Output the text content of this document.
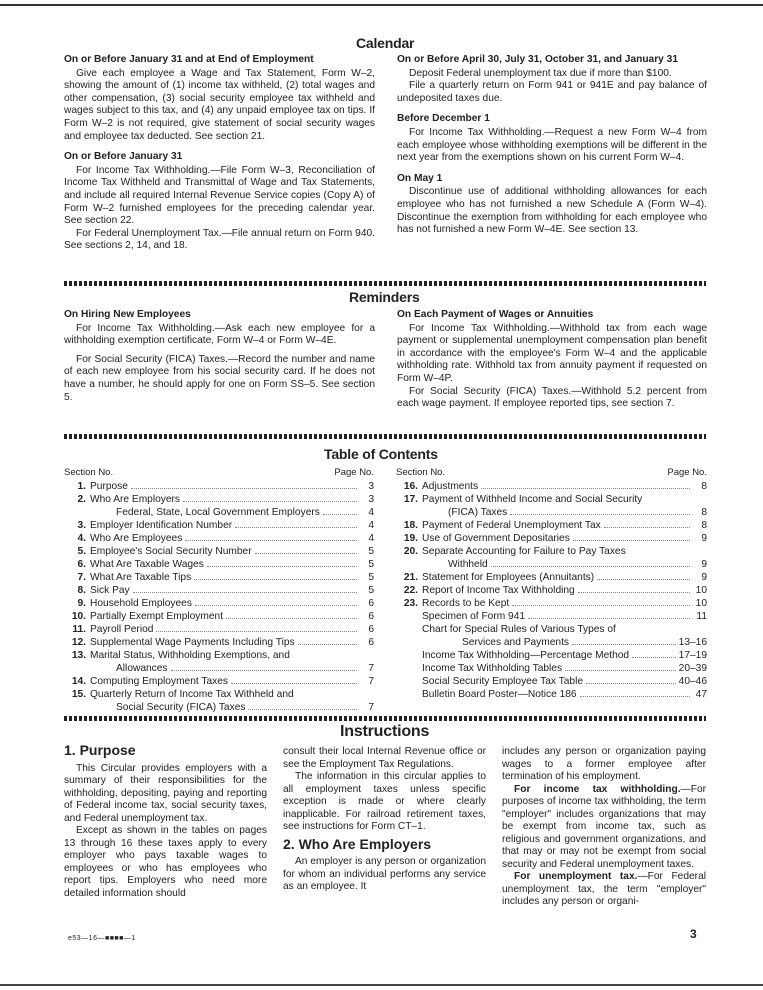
Calendar
On or Before January 31 and at End of Employment

Give each employee a Wage and Tax Statement, Form W–2, showing the amount of (1) income tax withheld, (2) total wages and other compensation, (3) social security employee tax withheld and wages subject to this tax, and (4) any unpaid employee tax on tips. If Form W–2 is not required, give statement of social security wages and employee tax deducted. See section 21.

On or Before January 31

For Income Tax Withholding.—File Form W–3, Reconciliation of Income Tax Withheld and Transmittal of Wage and Tax Statements, and include all required Internal Revenue Service copies (Copy A) of Form W–2 furnished employees for the preceding calendar year. See section 22.

For Federal Unemployment Tax.—File annual return on Form 940. See sections 2, 14, and 18.

On or Before April 30, July 31, October 31, and January 31

Deposit Federal unemployment tax due if more than $100.

File a quarterly return on Form 941 or 941E and pay balance of undeposited taxes due.

Before December 1

For Income Tax Withholding.—Request a new Form W–4 from each employee whose withholding exemptions will be different in the next year from the exemptions shown on his current Form W–4.

On May 1

Discontinue use of additional withholding allowances for each employee who has not furnished a new Schedule A (Form W–4). Discontinue the exemption from withholding for each employee who has not furnished a new Form W–4E. See section 13.

Reminders
On Hiring New Employees

For Income Tax Withholding.—Ask each new employee for a withholding exemption certificate, Form W–4 or Form W–4E.

For Social Security (FICA) Taxes.—Record the number and name of each new employee from his social security card. If he does not have a number, he should apply for one on Form SS–5. See section 5.

On Each Payment of Wages or Annuities

For Income Tax Withholding.—Withhold tax from each wage payment or supplemental unemployment compensation plan benefit in accordance with the employee's Form W–4 and the applicable withholding rate. Withhold tax from annuity payment if requested on Form W–4P.

For Social Security (FICA) Taxes.—Withhold 5.2 percent from each wage payment. If employee reported tips, see section 7.

Table of Contents
Section No.	Page No.
1. Purpose	3
2. Who Are Employers	3
Federal, State, Local Government Employers	4
3. Employer Identification Number	4
4. Who Are Employees	4
5. Employee's Social Security Number	5
6. What Are Taxable Wages	5
7. What Are Taxable Tips	5
8. Sick Pay	5
9. Household Employees	6
10. Partially Exempt Employment	6
11. Payroll Period	6
12. Supplemental Wage Payments Including Tips	6
13. Marital Status, Withholding Exemptions, and
Allowances	7
14. Computing Employment Taxes	7
15. Quarterly Return of Income Tax Withheld and
Social Security (FICA) Taxes	7
Section No.	Page No.
16. Adjustments	8
17. Payment of Withheld Income and Social Security
(FICA) Taxes	8
18. Payment of Federal Unemployment Tax	8
19. Use of Government Depositaries	9
20. Separate Accounting for Failure to Pay Taxes
Withheld	9
21. Statement for Employees (Annuitants)	9
22. Report of Income Tax Withholding	10
23. Records to be Kept	10
Specimen of Form 941	11
Chart for Special Rules of Various Types of
Services and Payments	13–16
Income Tax Withholding—Percentage Method	17–19
Income Tax Withholding Tables	20–39
Social Security Employee Tax Table	40–46
Bulletin Board Poster—Notice 186	47
Instructions
1. Purpose

This Circular provides employers with a summary of their responsibilities for the withholding, depositing, paying and reporting of Federal income tax, social security taxes, and Federal unemployment tax.

Except as shown in the tables on pages 13 through 16 these taxes apply to every employer who pays taxable wages to employees or who has employees who report tips. Employers who need more detailed information should

consult their local Internal Revenue office or see the Employment Tax Regulations.

The information in this circular applies to all employment taxes unless specific exception is made or where clearly inapplicable. For railroad retirement taxes, see instructions for Form CT–1.

2. Who Are Employers

An employer is any person or organization for whom an individual performs any service as an employee. It

includes any person or organization paying wages to a former employee after termination of his employment.

For income tax withholding.—For purposes of income tax withholding, the term "employer" includes organizations that may be exempt from income tax, such as religious and government organizations, and that may or may not be exempt from social security and Federal unemployment taxes.

For unemployment tax.—For Federal unemployment tax, the term "employer" includes any person or organi-

e53—16—■■■■—1	3
